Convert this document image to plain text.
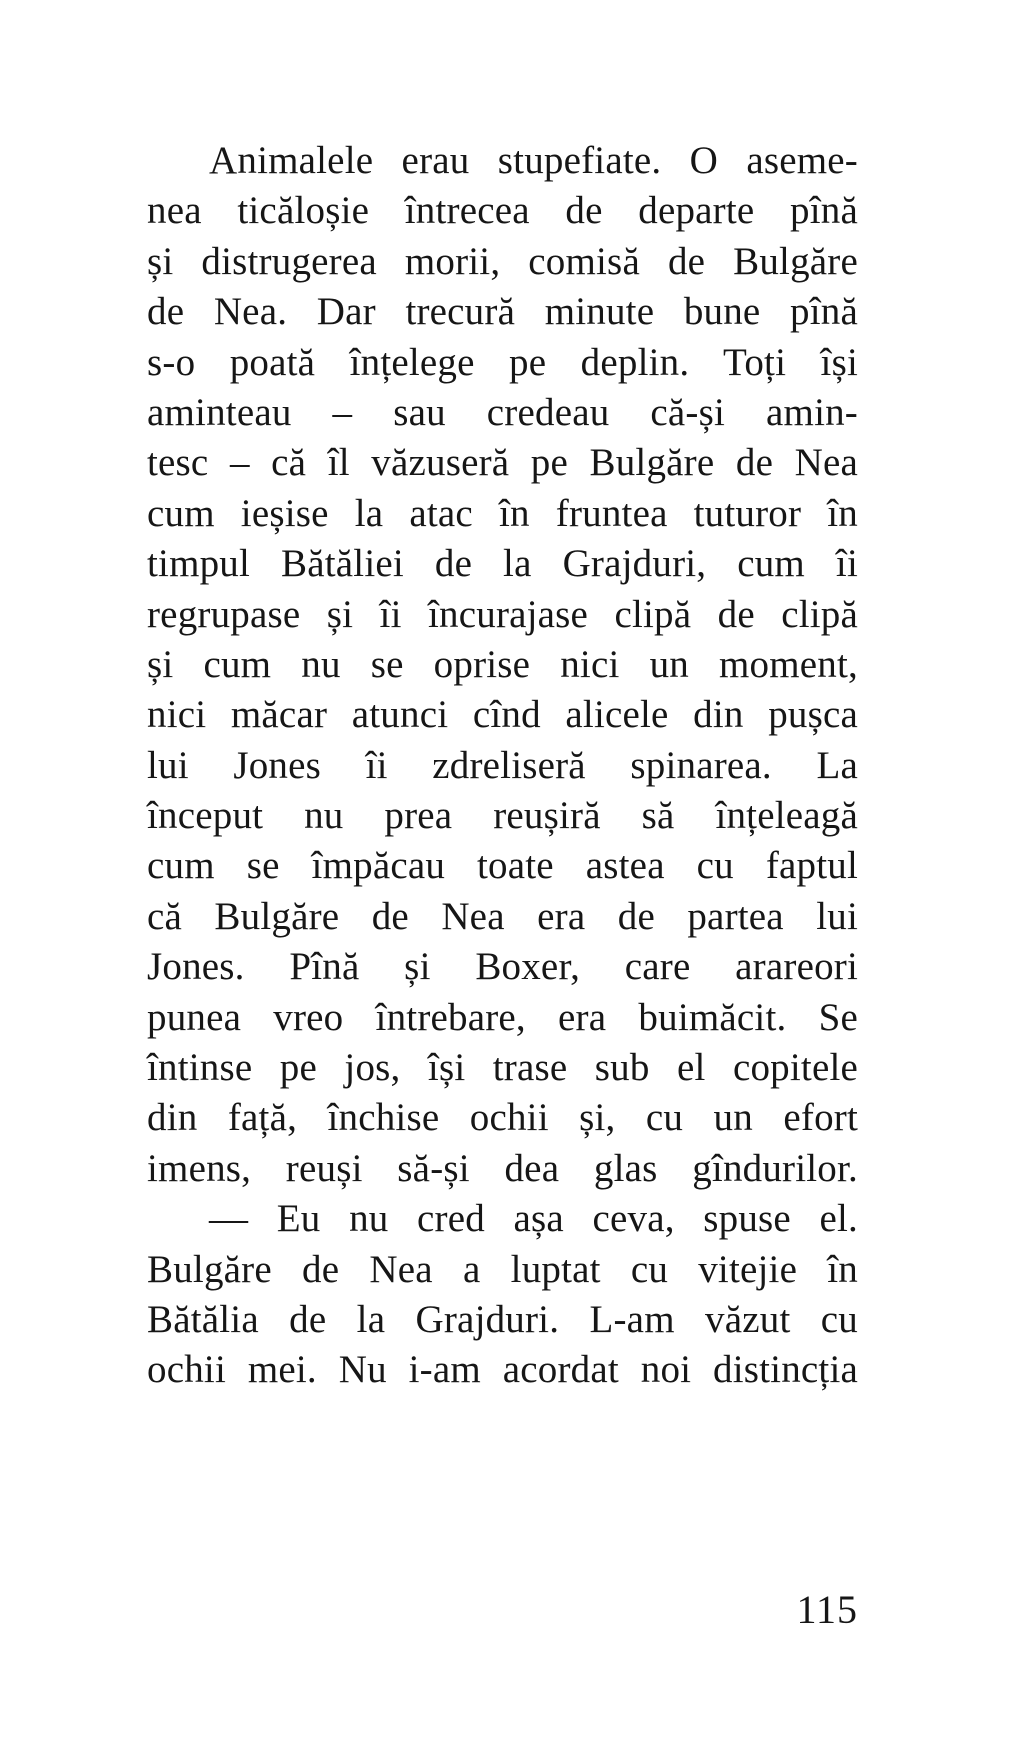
Animalele erau stupefiate. O aseme-
nea ticăloșie întrecea de departe pînă
și distrugerea morii, comisă de Bulgăre
de Nea. Dar trecură minute bune pînă
s-o poată înțelege pe deplin. Toți își
aminteau – sau credeau că-și amin-
tesc – că îl văzuseră pe Bulgăre de Nea
cum ieșise la atac în fruntea tuturor în
timpul Bătăliei de la Grajduri, cum îi
regrupase și îi încurajase clipă de clipă
și cum nu se oprise nici un moment,
nici măcar atunci cînd alicele din pușca
lui Jones îi zdreliseră spinarea. La
început nu prea reușiră să înțeleagă
cum se împăcau toate astea cu faptul
că Bulgăre de Nea era de partea lui
Jones. Pînă și Boxer, care arareori
punea vreo întrebare, era buimăcit. Se
întinse pe jos, își trase sub el copitele
din față, închise ochii și, cu un efort
imens, reuși să-și dea glas gîndurilor.
— Eu nu cred așa ceva, spuse el.
Bulgăre de Nea a luptat cu vitejie în
Bătălia de la Grajduri. L-am văzut cu
ochii mei. Nu i-am acordat noi distincția
115
